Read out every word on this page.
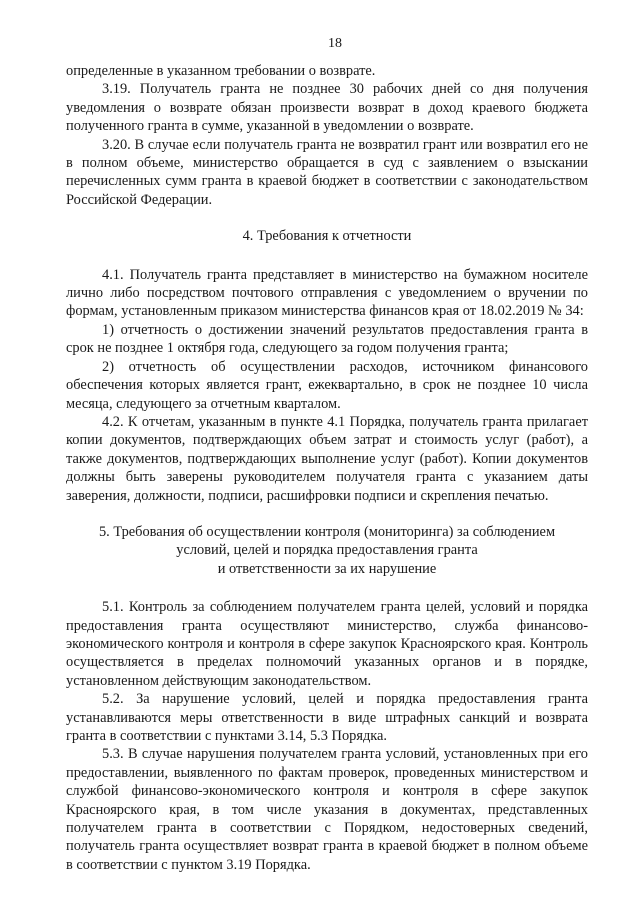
18

определенные в указанном требовании о возврате.

3.19. Получатель гранта не позднее 30 рабочих дней со дня получения уведомления о возврате обязан произвести возврат в доход краевого бюджета полученного гранта в сумме, указанной в уведомлении о возврате.

3.20. В случае если получатель гранта не возвратил грант или возвратил его не в полном объеме, министерство обращается в суд с заявлением о взыскании перечисленных сумм гранта в краевой бюджет в соответствии с законодательством Российской Федерации.

4. Требования к отчетности

4.1. Получатель гранта представляет в министерство на бумажном носителе лично либо посредством почтового отправления с уведомлением о вручении по формам, установленным приказом министерства финансов края от 18.02.2019 № 34:

1) отчетность о достижении значений результатов предоставления гранта в срок не позднее 1 октября года, следующего за годом получения гранта;

2) отчетность об осуществлении расходов, источником финансового обеспечения которых является грант, ежеквартально, в срок не позднее 10 числа месяца, следующего за отчетным кварталом.

4.2. К отчетам, указанным в пункте 4.1 Порядка, получатель гранта прилагает копии документов, подтверждающих объем затрат и стоимость услуг (работ), а также документов, подтверждающих выполнение услуг (работ). Копии документов должны быть заверены руководителем получателя гранта с указанием даты заверения, должности, подписи, расшифровки подписи и скрепления печатью.

5. Требования об осуществлении контроля (мониторинга) за соблюдением

условий, целей и порядка предоставления гранта

и ответственности за их нарушение

5.1. Контроль за соблюдением получателем гранта целей, условий и порядка предоставления гранта осуществляют министерство, служба финансово-экономического контроля и контроля в сфере закупок Красноярского края. Контроль осуществляется в пределах полномочий указанных органов и в порядке, установленном действующим законодательством.

5.2. За нарушение условий, целей и порядка предоставления гранта устанавливаются меры ответственности в виде штрафных санкций и возврата гранта в соответствии с пунктами 3.14, 5.3 Порядка.

5.3. В случае нарушения получателем гранта условий, установленных при его предоставлении, выявленного по фактам проверок, проведенных министерством и службой финансово-экономического контроля и контроля в сфере закупок Красноярского края, в том числе указания в документах, представленных получателем гранта в соответствии с Порядком, недостоверных сведений, получатель гранта осуществляет возврат гранта в краевой бюджет в полном объеме в соответствии с пунктом 3.19 Порядка.
